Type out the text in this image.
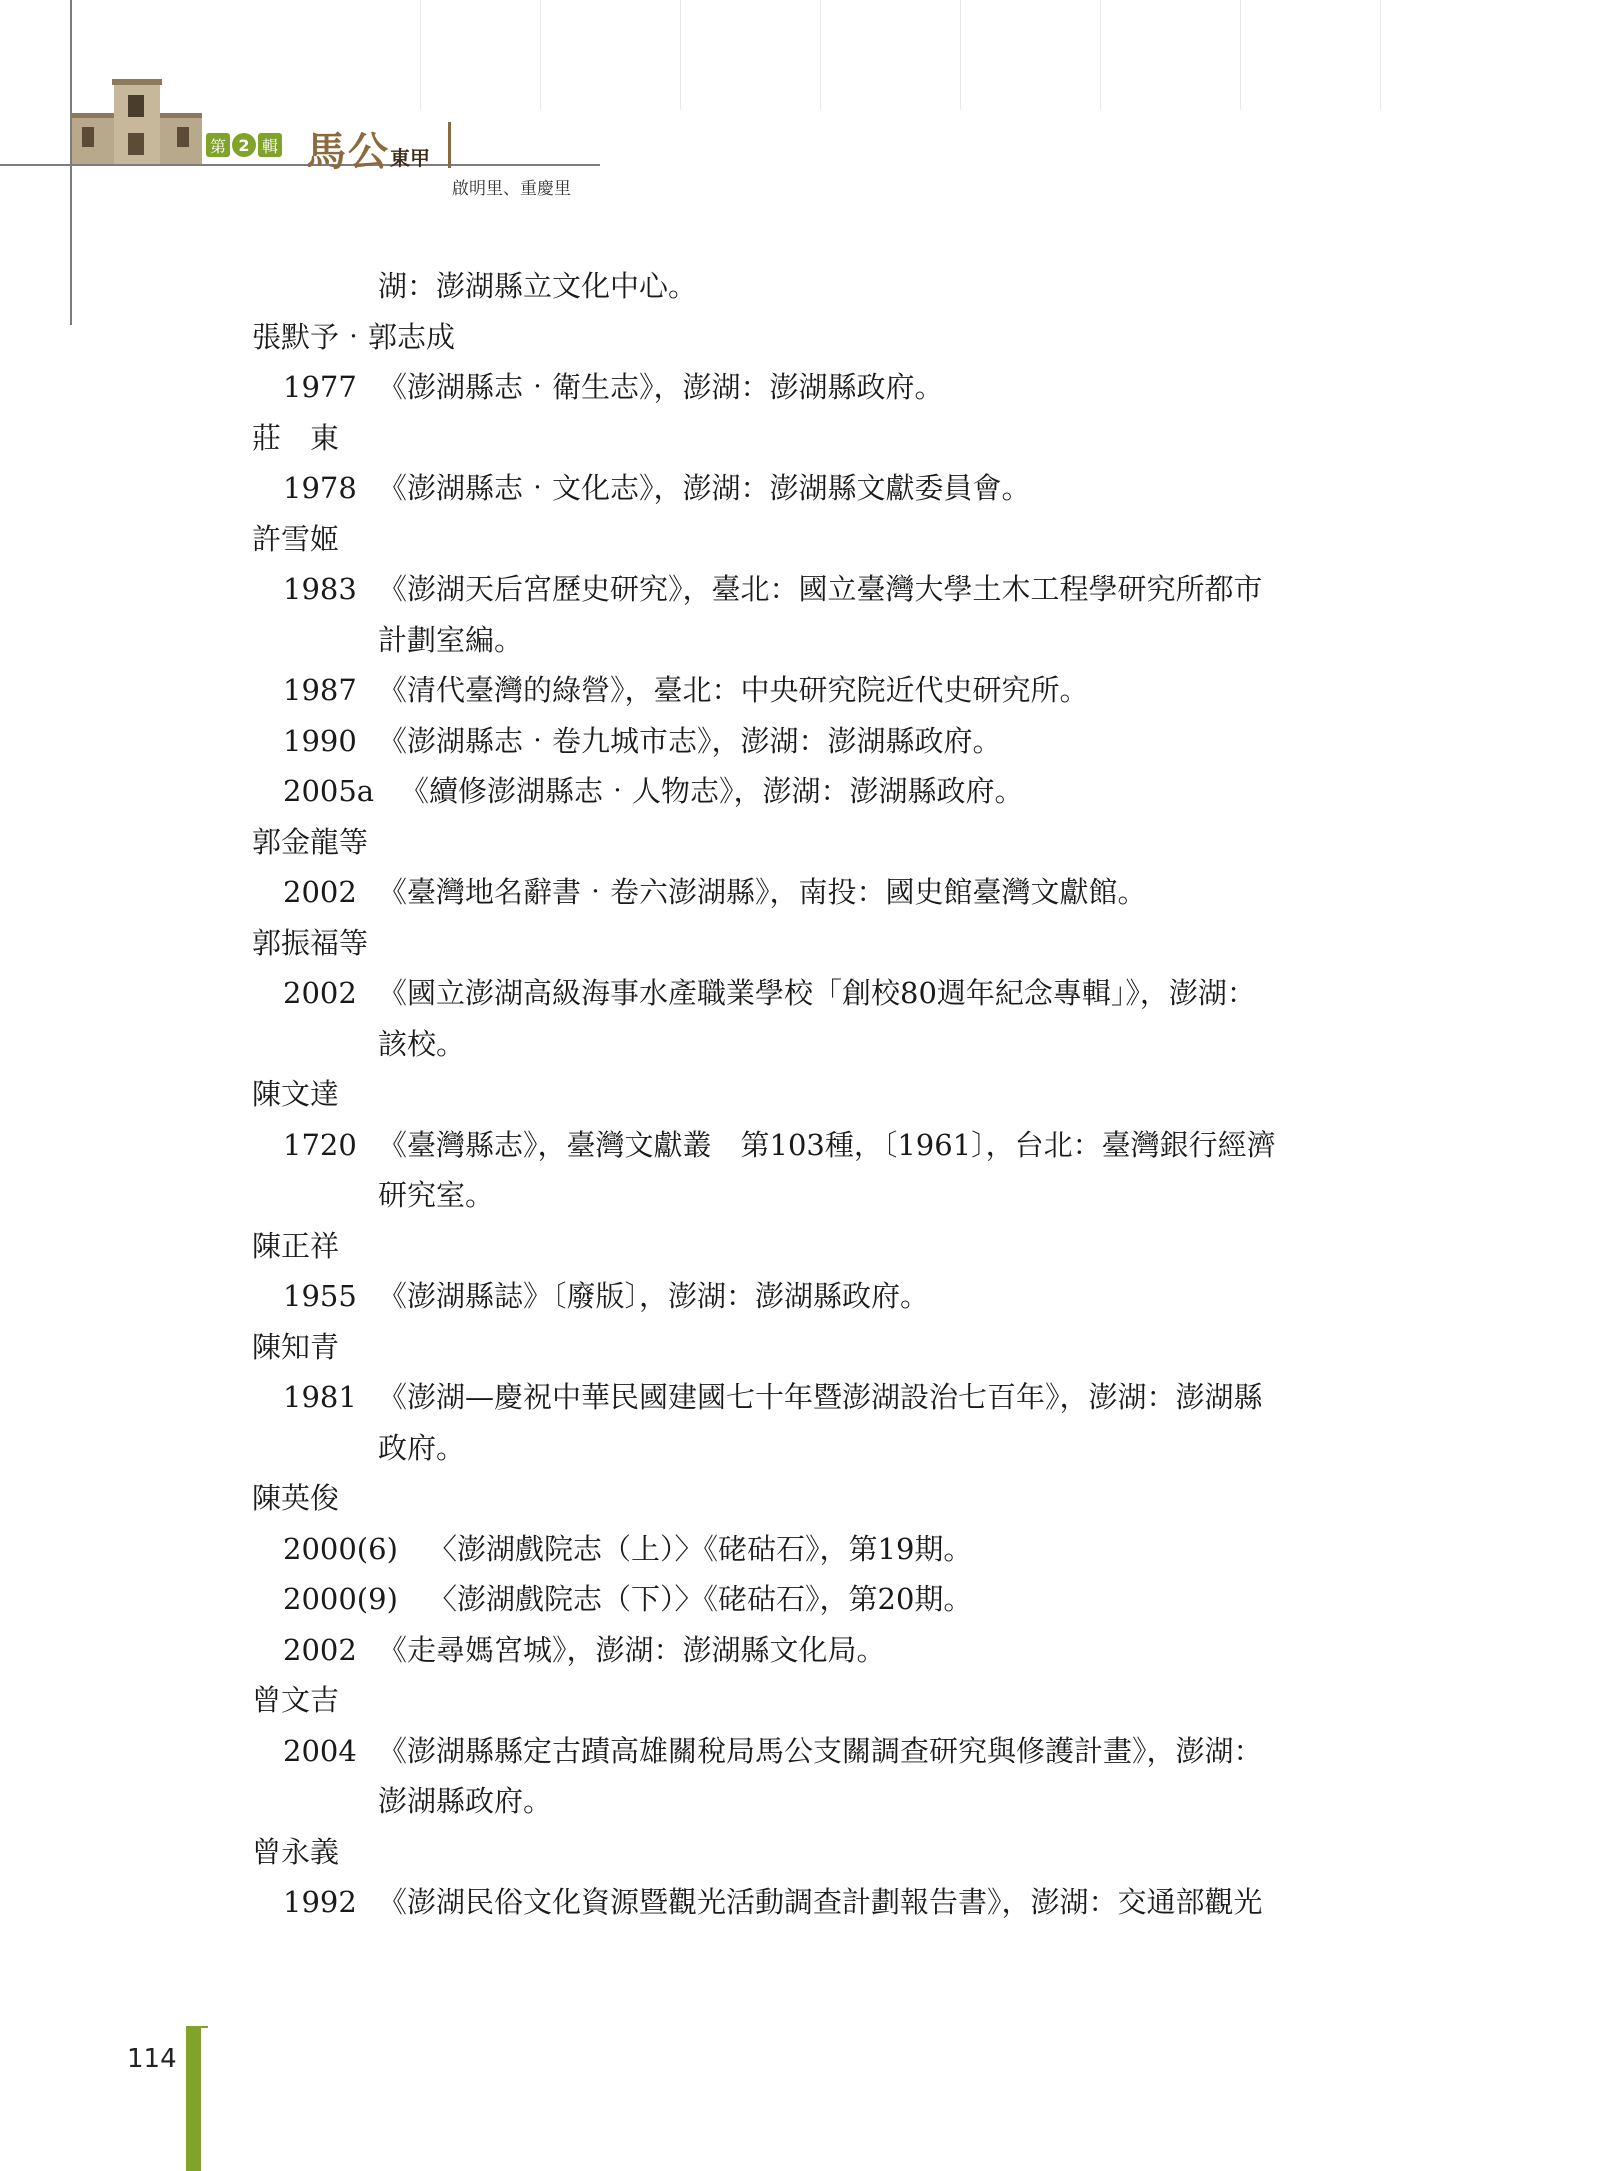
第 2 輯 馬公東甲
啟明里、重慶里
湖：澎湖縣立文化中心。
張默予‧郭志成
1977 《澎湖縣志‧衛生志》，澎湖：澎湖縣政府。
莊　東
1978 《澎湖縣志‧文化志》，澎湖：澎湖縣文獻委員會。
許雪姬
1983 《澎湖天后宮歷史研究》，臺北：國立臺灣大學土木工程學研究所都市
計劃室編。
1987 《清代臺灣的綠營》，臺北：中央研究院近代史研究所。
1990 《澎湖縣志‧卷九城市志》，澎湖：澎湖縣政府。
2005a 《續修澎湖縣志‧人物志》，澎湖：澎湖縣政府。
郭金龍等
2002 《臺灣地名辭書‧卷六澎湖縣》，南投：國史館臺灣文獻館。
郭振福等
2002 《國立澎湖高級海事水產職業學校「創校80週年紀念專輯」》，澎湖：
該校。
陳文達
1720 《臺灣縣志》，臺灣文獻叢　第103種，〔1961〕，台北：臺灣銀行經濟
研究室。
陳正祥
1955 《澎湖縣誌》〔廢版〕，澎湖：澎湖縣政府。
陳知青
1981 《澎湖—慶祝中華民國建國七十年暨澎湖設治七百年》，澎湖：澎湖縣
政府。
陳英俊
2000(6) 〈澎湖戲院志（上）〉《硓𥑮石》，第19期。
2000(9) 〈澎湖戲院志（下）〉《硓𥑮石》，第20期。
2002 《走尋媽宮城》，澎湖：澎湖縣文化局。
曾文吉
2004 《澎湖縣縣定古蹟高雄關稅局馬公支關調查研究與修護計畫》，澎湖：
澎湖縣政府。
曾永義
1992 《澎湖民俗文化資源暨觀光活動調查計劃報告書》，澎湖：交通部觀光
114
